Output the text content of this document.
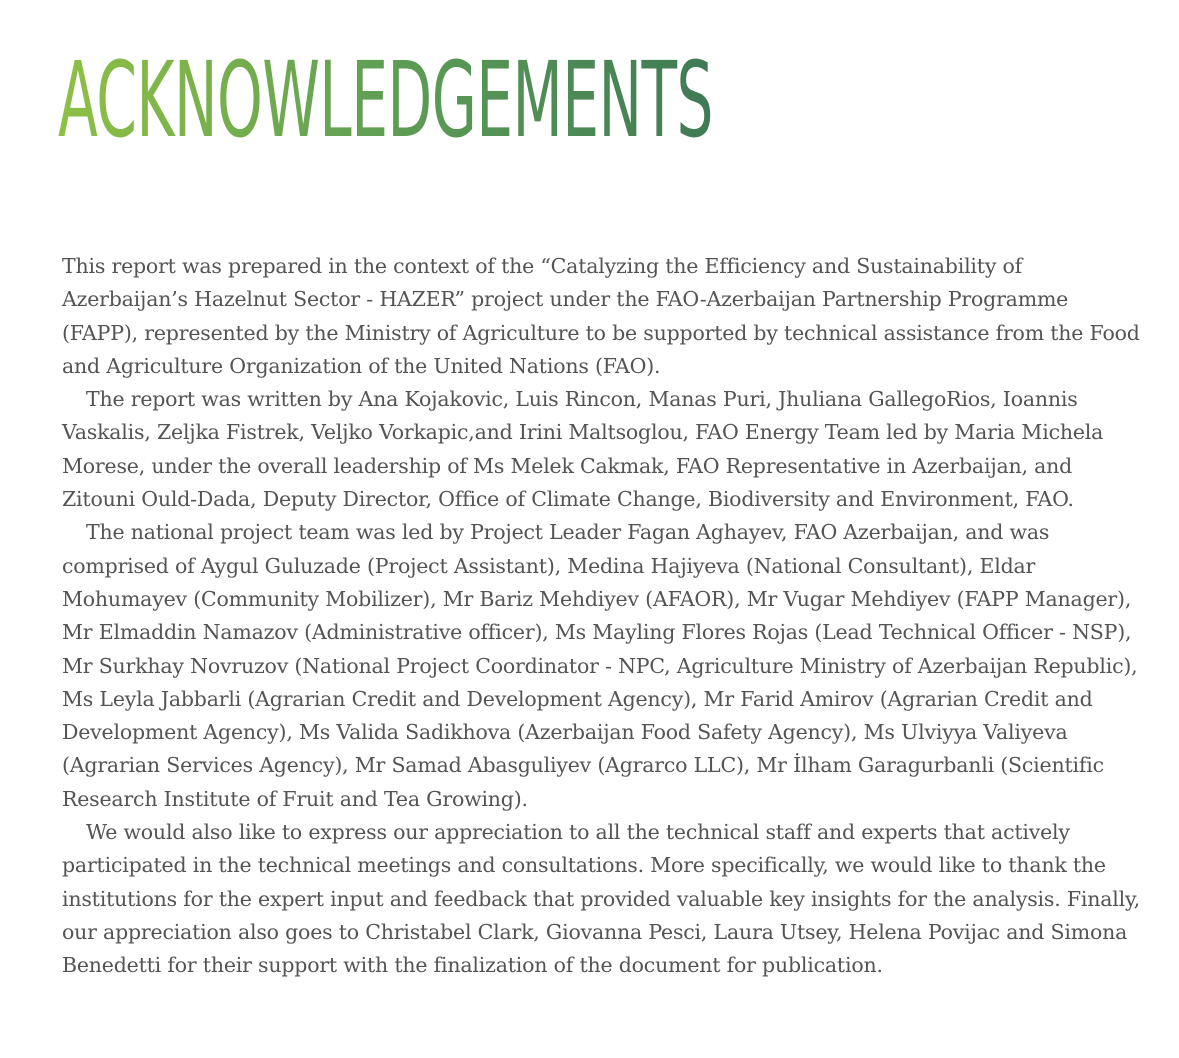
ACKNOWLEDGEMENTS

This report was prepared in the context of the “Catalyzing the Efficiency and Sustainability of Azerbaijan’s Hazelnut Sector - HAZER” project under the FAO-Azerbaijan Partnership Programme (FAPP), represented by the Ministry of Agriculture to be supported by technical assistance from the Food and Agriculture Organization of the United Nations (FAO).

The report was written by Ana Kojakovic, Luis Rincon, Manas Puri, Jhuliana GallegoRios, Ioannis Vaskalis, Zeljka Fistrek, Veljko Vorkapic,and Irini Maltsoglou, FAO Energy Team led by Maria Michela Morese, under the overall leadership of Ms Melek Cakmak, FAO Representative in Azerbaijan, and Zitouni Ould-Dada, Deputy Director, Office of Climate Change, Biodiversity and Environment, FAO.

The national project team was led by Project Leader Fagan Aghayev, FAO Azerbaijan, and was comprised of Aygul Guluzade (Project Assistant), Medina Hajiyeva (National Consultant), Eldar Mohumayev (Community Mobilizer), Mr Bariz Mehdiyev (AFAOR), Mr Vugar Mehdiyev (FAPP Manager), Mr Elmaddin Namazov (Administrative officer), Ms Mayling Flores Rojas (Lead Technical Officer - NSP), Mr Surkhay Novruzov (National Project Coordinator - NPC, Agriculture Ministry of Azerbaijan Republic), Ms Leyla Jabbarli (Agrarian Credit and Development Agency), Mr Farid Amirov (Agrarian Credit and Development Agency), Ms Valida Sadikhova (Azerbaijan Food Safety Agency), Ms Ulviyya Valiyeva (Agrarian Services Agency), Mr Samad Abasguliyev (Agrarco LLC), Mr İlham Garagurbanli (Scientific Research Institute of Fruit and Tea Growing).

We would also like to express our appreciation to all the technical staff and experts that actively participated in the technical meetings and consultations. More specifically, we would like to thank the institutions for the expert input and feedback that provided valuable key insights for the analysis. Finally, our appreciation also goes to Christabel Clark, Giovanna Pesci, Laura Utsey, Helena Povijac and Simona Benedetti for their support with the finalization of the document for publication.
